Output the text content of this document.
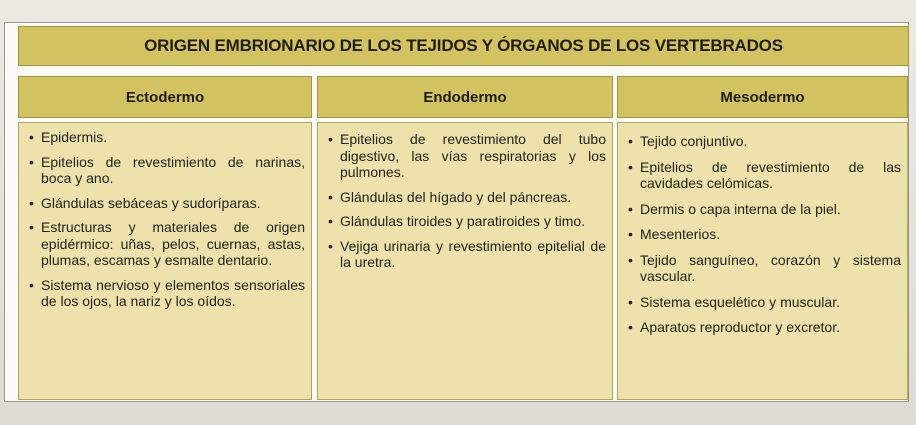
ORIGEN EMBRIONARIO DE LOS TEJIDOS Y ÓRGANOS DE LOS VERTEBRADOS
Ectodermo	Endodermo	Mesodermo
• Epidermis.
• Epitelios de revestimiento de narinas, boca y ano.
• Glándulas sebáceas y sudoríparas.
• Estructuras y materiales de origen epidérmico: uñas, pelos, cuernas, astas, plumas, escamas y esmalte dentario.
• Sistema nervioso y elementos sensoriales de los ojos, la nariz y los oídos.
• Epitelios de revestimiento del tubo digestivo, las vías respiratorias y los pulmones.
• Glándulas del hígado y del páncreas.
• Glándulas tiroides y paratiroides y timo.
• Vejiga urinaria y revestimiento epitelial de la uretra.
• Tejido conjuntivo.
• Epitelios de revestimiento de las cavidades celómicas.
• Dermis o capa interna de la piel.
• Mesenterios.
• Tejido sanguíneo, corazón y sistema vascular.
• Sistema esquelético y muscular.
• Aparatos reproductor y excretor.
